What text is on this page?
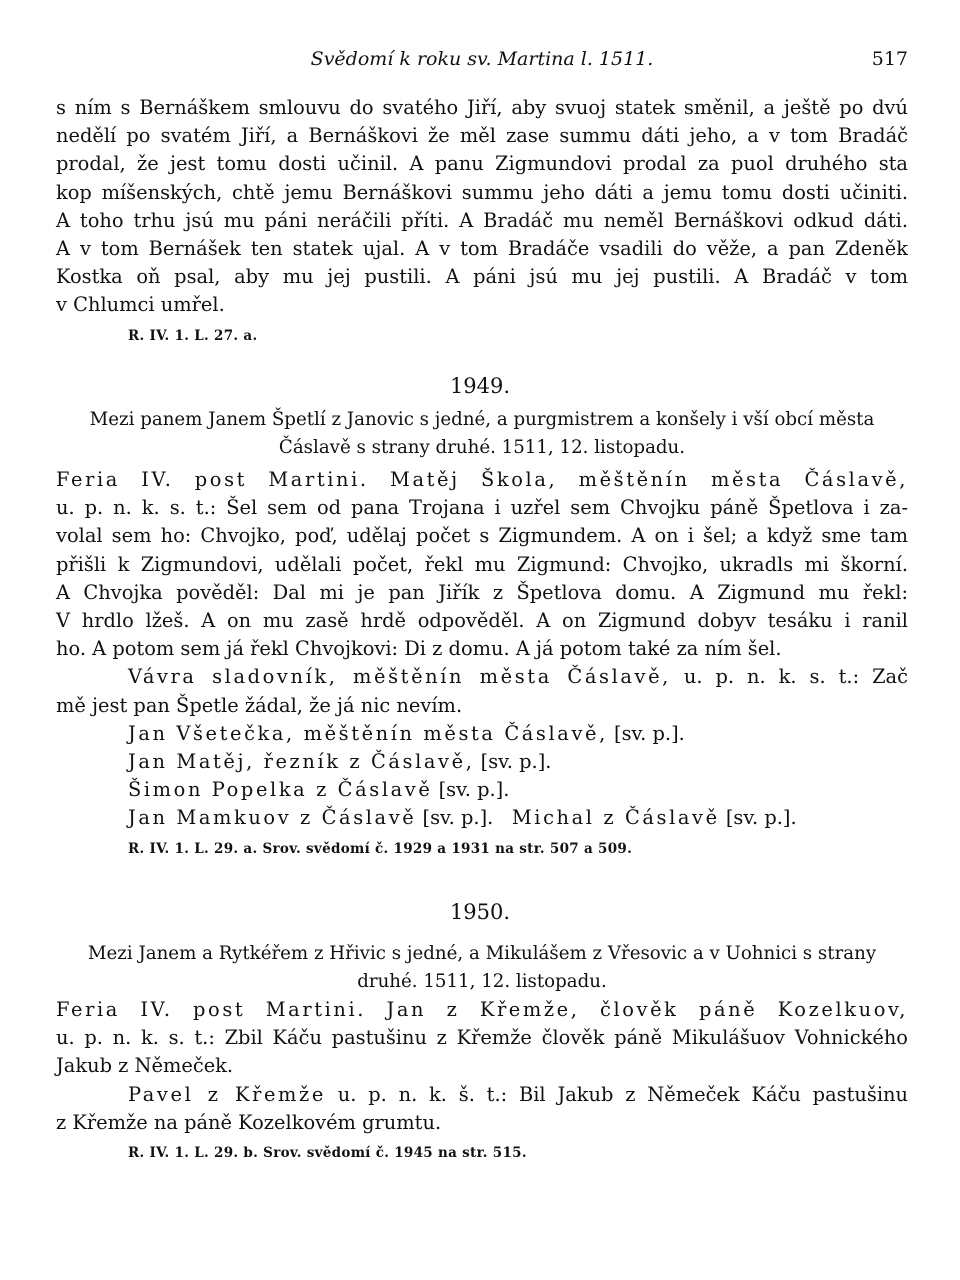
Svědomí k roku sv. Martina l. 1511.	517
s ním s Bernáškem smlouvu do svatého Jiří, aby svuoj statek směnil, a ještě po dvú
nedělí po svatém Jiří, a Bernáškovi že měl zase summu dáti jeho, a v tom Bradáč
prodal, že jest tomu dosti učinil. A panu Zigmundovi prodal za puol druhého sta
kop míšenských, chtě jemu Bernáškovi summu jeho dáti a jemu tomu dosti učiniti.
A toho trhu jsú mu páni neráčili příti. A Bradáč mu neměl Bernáškovi odkud dáti.
A v tom Bernášek ten statek ujal. A v tom Bradáče vsadili do věže, a pan Zdeněk
Kostka oň psal, aby mu jej pustili. A páni jsú mu jej pustili. A Bradáč v tom
v Chlumci umřel.
R. IV. 1. L. 27. a.
1949.
Mezi panem Janem Špetlí z Janovic s jedné, a purgmistrem a konšely i vší obcí města
Čáslavě s strany druhé. 1511, 12. listopadu.
Feria IV. post Martini. Matěj Škola, měštěnín města Čáslavě,
u. p. n. k. s. t.: Šel sem od pana Trojana i uzřel sem Chvojku páně Špetlova i za-
volal sem ho: Chvojko, poď, udělaj počet s Zigmundem. A on i šel; a když sme tam
přišli k Zigmundovi, udělali počet, řekl mu Zigmund: Chvojko, ukradls mi škorní.
A Chvojka pověděl: Dal mi je pan Jiřík z Špetlova domu. A Zigmund mu řekl:
V hrdlo lžeš. A on mu zasě hrdě odpověděl. A on Zigmund dobyv tesáku i ranil
ho. A potom sem já řekl Chvojkovi: Di z domu. A já potom také za ním šel.
Vávra sladovník, měštěnín města Čáslavě, u. p. n. k. s. t.: Zač
mě jest pan Špetle žádal, že já nic nevím.
Jan Všetečka, měštěnín města Čáslavě, [sv. p.].
Jan Matěj, řezník z Čáslavě, [sv. p.].
Šimon Popelka z Čáslavě [sv. p.].
Jan Mamkuov z Čáslavě [sv. p.]. Michal z Čáslavě [sv. p.].
R. IV. 1. L. 29. a. Srov. svědomí č. 1929 a 1931 na str. 507 a 509.
1950.
Mezi Janem a Rytkéřem z Hřivic s jedné, a Mikulášem z Vřesovic a v Uohnici s strany
druhé. 1511, 12. listopadu.
Feria IV. post Martini. Jan z Křemže, člověk páně Kozelkuov,
u. p. n. k. s. t.: Zbil Káču pastušinu z Křemže člověk páně Mikulášuov Vohnického
Jakub z Němeček.
Pavel z Křemže u. p. n. k. š. t.: Bil Jakub z Němeček Káču pastušinu
z Křemže na páně Kozelkovém grumtu.
R. IV. 1. L. 29. b. Srov. svědomí č. 1945 na str. 515.
